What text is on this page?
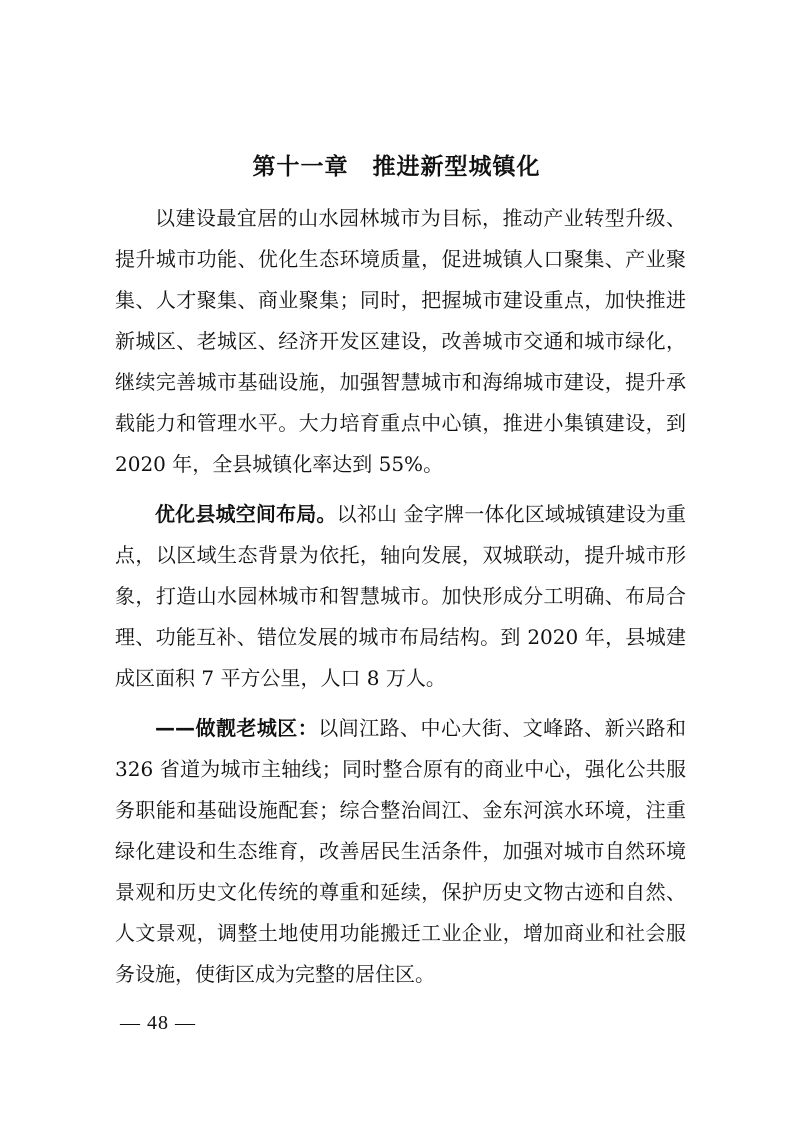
第十一章 推进新型城镇化

以建设最宜居的山水园林城市为目标，推动产业转型升级、提升城市功能、优化生态环境质量，促进城镇人口聚集、产业聚集、人才聚集、商业聚集；同时，把握城市建设重点，加快推进新城区、老城区、经济开发区建设，改善城市交通和城市绿化，继续完善城市基础设施，加强智慧城市和海绵城市建设，提升承载能力和管理水平。大力培育重点中心镇，推进小集镇建设，到 2020 年，全县城镇化率达到 55%。

优化县城空间布局。以祁山 金字牌一体化区域城镇建设为重点，以区域生态背景为依托，轴向发展，双城联动，提升城市形象，打造山水园林城市和智慧城市。加快形成分工明确、布局合理、功能互补、错位发展的城市布局结构。到 2020 年，县城建成区面积 7 平方公里，人口 8 万人。

——做靓老城区：以闾江路、中心大街、文峰路、新兴路和 326 省道为城市主轴线；同时整合原有的商业中心，强化公共服务职能和基础设施配套；综合整治闾江、金东河滨水环境，注重绿化建设和生态维育，改善居民生活条件，加强对城市自然环境景观和历史文化传统的尊重和延续，保护历史文物古迹和自然、人文景观，调整土地使用功能搬迁工业企业，增加商业和社会服务设施，使街区成为完整的居住区。

— 48 —
